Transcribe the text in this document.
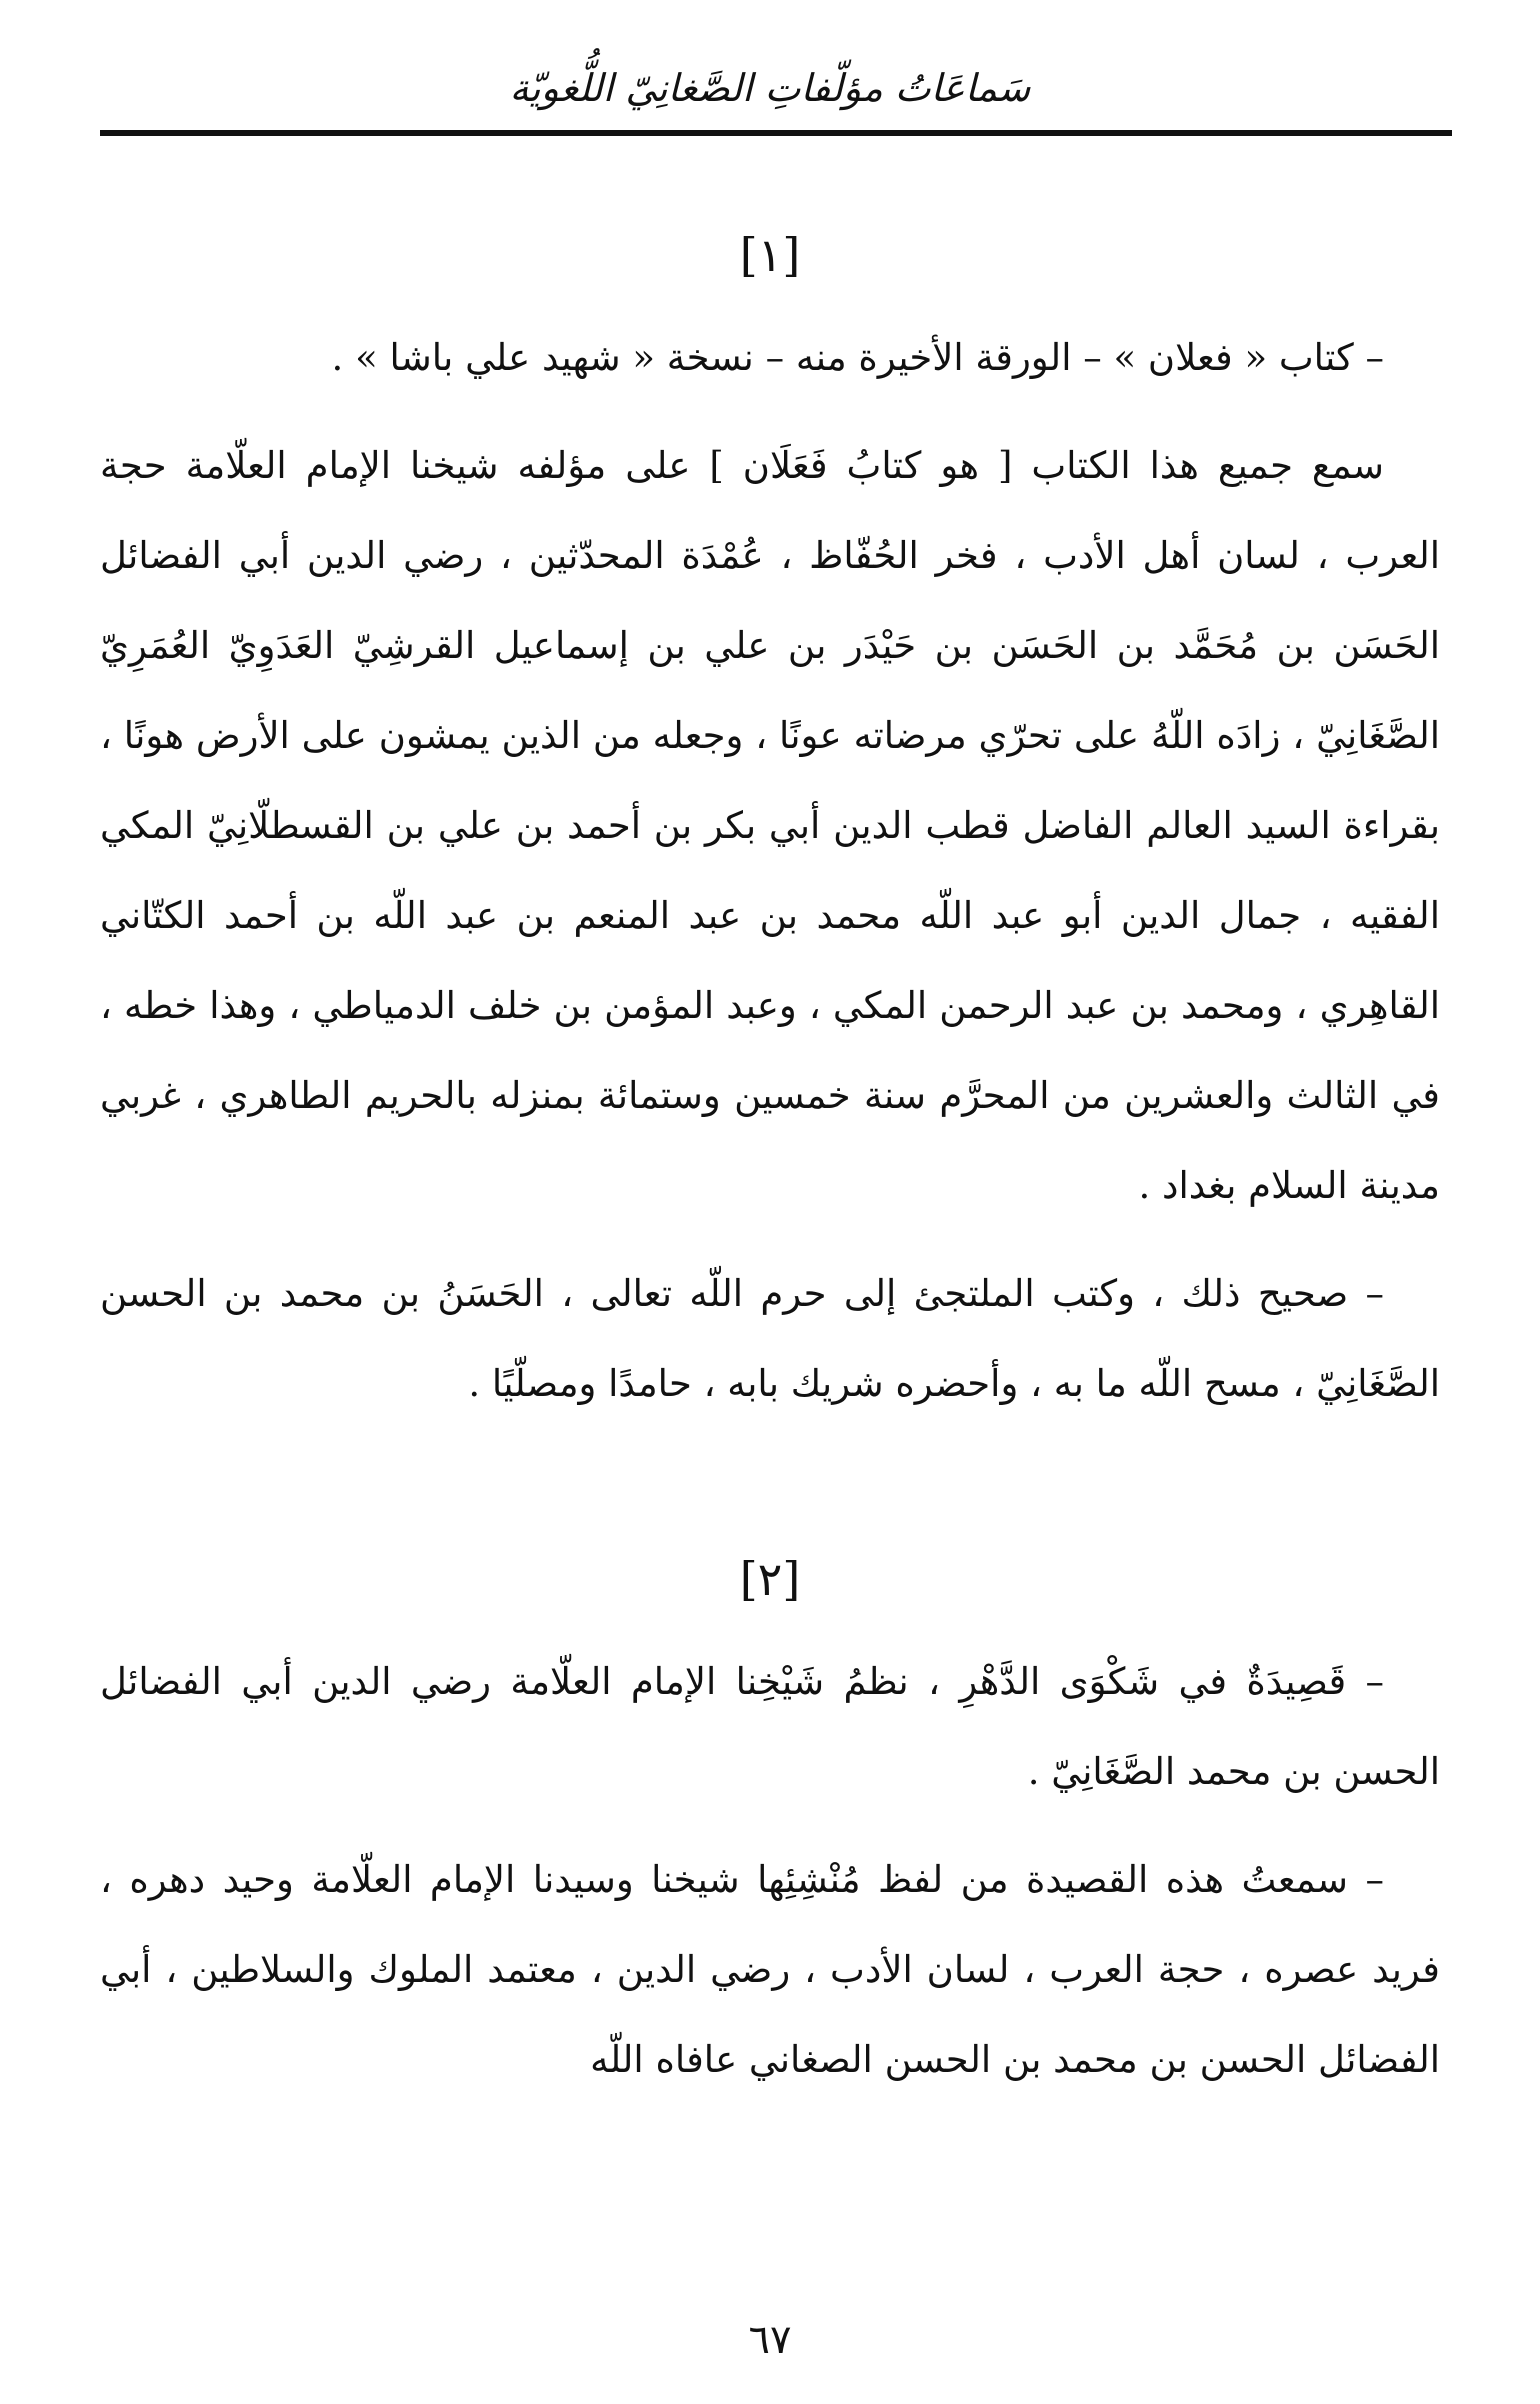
سَماعَاتُ مؤلّفاتِ الصَّغانِيّ اللُّغويّة
[١]

– كتاب « فعلان » – الورقة الأخيرة منه – نسخة « شهيد علي باشا » .

سمع جميع هذا الكتاب [ هو كتابُ فَعَلَان ] على مؤلفه شيخنا الإمام العلّامة حجة العرب ، لسان أهل الأدب ، فخر الحُفّاظ ، عُمْدَة المحدّثين ، رضي الدين أبي الفضائل الحَسَن بن مُحَمَّد بن الحَسَن بن حَيْدَر بن علي بن إسماعيل القرشِيّ العَدَوِيّ العُمَرِيّ الصَّغَانِيّ ، زادَه اللّهُ على تحرّي مرضاته عونًا ، وجعله من الذين يمشون على الأرض هونًا ، بقراءة السيد العالم الفاضل قطب الدين أبي بكر بن أحمد بن علي بن القسطلّانِيّ المكي الفقيه ، جمال الدين أبو عبد اللّه محمد بن عبد المنعم بن عبد اللّه بن أحمد الكتّاني القاهِري ، ومحمد بن عبد الرحمن المكي ، وعبد المؤمن بن خلف الدمياطي ، وهذا خطه ، في الثالث والعشرين من المحرَّم سنة خمسين وستمائة بمنزله بالحريم الطاهري ، غربي مدينة السلام بغداد .

– صحيح ذلك ، وكتب الملتجئ إلى حرم اللّه تعالى ، الحَسَنُ بن محمد بن الحسن الصَّغَانِيّ ، مسح اللّه ما به ، وأحضره شريك بابه ، حامدًا ومصلّيًا .

[٢]

– قَصِيدَةٌ في شَكْوَى الدَّهْرِ ، نظمُ شَيْخِنا الإمام العلّامة رضي الدين أبي الفضائل الحسن بن محمد الصَّغَانِيّ .

– سمعتُ هذه القصيدة من لفظ مُنْشِئِها شيخنا وسيدنا الإمام العلّامة وحيد دهره ، فريد عصره ، حجة العرب ، لسان الأدب ، رضي الدين ، معتمد الملوك والسلاطين ، أبي الفضائل الحسن بن محمد بن الحسن الصغاني عافاه اللّه

٦٧
